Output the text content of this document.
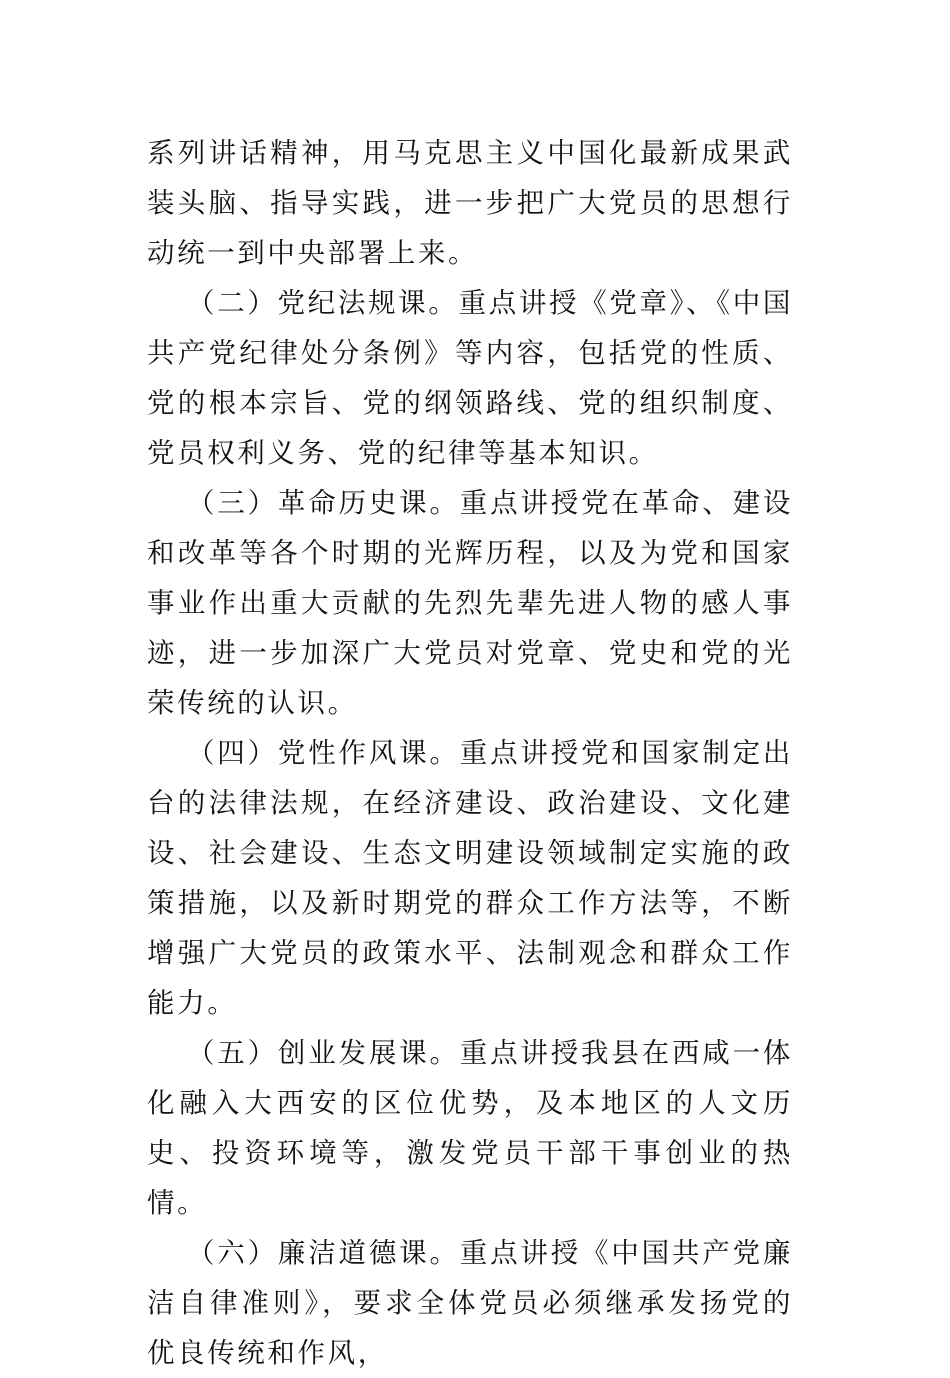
系列讲话精神，用马克思主义中国化最新成果武装头脑、指导实践，进一步把广大党员的思想行动统一到中央部署上来。

（二）党纪法规课。重点讲授《党章》、《中国共产党纪律处分条例》等内容，包括党的性质、党的根本宗旨、党的纲领路线、党的组织制度、党员权利义务、党的纪律等基本知识。

（三）革命历史课。重点讲授党在革命、建设和改革等各个时期的光辉历程，以及为党和国家事业作出重大贡献的先烈先辈先进人物的感人事迹，进一步加深广大党员对党章、党史和党的光荣传统的认识。

（四）党性作风课。重点讲授党和国家制定出台的法律法规，在经济建设、政治建设、文化建设、社会建设、生态文明建设领域制定实施的政策措施，以及新时期党的群众工作方法等，不断增强广大党员的政策水平、法制观念和群众工作能力。

（五）创业发展课。重点讲授我县在西咸一体化融入大西安的区位优势，及本地区的人文历史、投资环境等，激发党员干部干事创业的热情。

（六）廉洁道德课。重点讲授《中国共产党廉洁自律准则》，要求全体党员必须继承发扬党的优良传统和作风，
